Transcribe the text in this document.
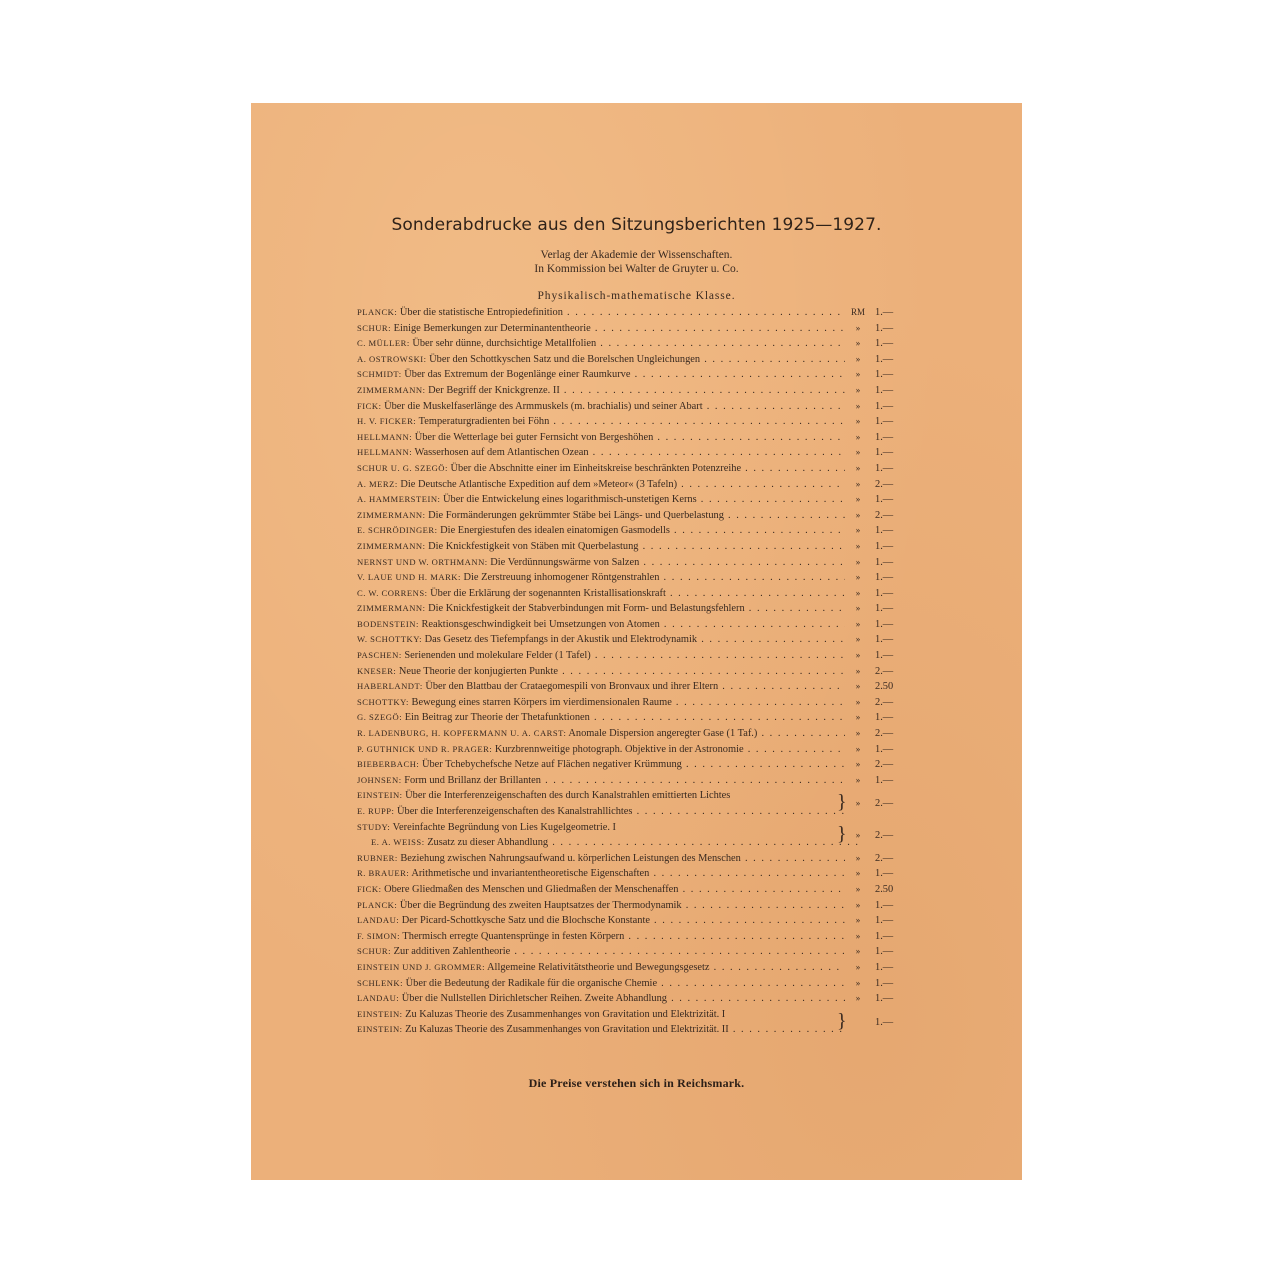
Sonderabdrucke aus den Sitzungsberichten 1925—1927.
Verlag der Akademie der Wissenschaften.
In Kommission bei Walter de Gruyter u. Co.
Physikalisch-mathematische Klasse.
PLANCK: Über die statistische Entropiedefinition . . .	RM 1.—
SCHUR: Einige Bemerkungen zur Determinantentheorie . . .	»	1.—
C. MÜLLER: Über sehr dünne, durchsichtige Metallfolien . . .	»	1.—
A. OSTROWSKI: Über den Schottkyschen Satz und die Borelschen Ungleichungen . . .	»	1.—
SCHMIDT: Über das Extremum der Bogenlänge einer Raumkurve . . .	»	1.—
ZIMMERMANN: Der Begriff der Knickgrenze. II . . .	»	1.—
FICK: Über die Muskelfaserlänge des Armmuskels (m. brachialis) und seiner Abart . . .	»	1.—
H. V. FICKER: Temperaturgradienten bei Föhn . . .	»	1.—
HELLMANN: Über die Wetterlage bei guter Fernsicht von Bergeshöhen . . .	»	1.—
HELLMANN: Wasserhosen auf dem Atlantischen Ozean . . .	»	1.—
SCHUR U. G. SZEGÖ: Über die Abschnitte einer im Einheitskreise beschränkten Potenzreihe . . .	»	1.—
A. MERZ: Die Deutsche Atlantische Expedition auf dem »Meteor« (3 Tafeln) . . .	»	2.—
A. HAMMERSTEIN: Über die Entwickelung eines logarithmisch-unstetigen Kerns . . .	»	1.—
ZIMMERMANN: Die Formänderungen gekrümmter Stäbe bei Längs- und Querbelastung . . .	»	2.—
E. SCHRÖDINGER: Die Energiestufen des idealen einatomigen Gasmodells . . .	»	1.—
ZIMMERMANN: Die Knickfestigkeit von Stäben mit Querbelastung . . .	»	1.—
NERNST UND W. ORTHMANN: Die Verdünnungswärme von Salzen . . .	»	1.—
V. LAUE UND H. MARK: Die Zerstreuung inhomogener Röntgenstrahlen . . .	»	1.—
C. W. CORRENS: Über die Erklärung der sogenannten Kristallisationskraft . . .	»	1.—
ZIMMERMANN: Die Knickfestigkeit der Stabverbindungen mit Form- und Belastungsfehlern . . .	»	1.—
BODENSTEIN: Reaktionsgeschwindigkeit bei Umsetzungen von Atomen . . .	»	1.—
W. SCHOTTKY: Das Gesetz des Tiefempfangs in der Akustik und Elektrodynamik . . .	»	1.—
PASCHEN: Serienenden und molekulare Felder (1 Tafel) . . .	»	1.—
KNESER: Neue Theorie der konjugierten Punkte . . .	»	2.—
HABERLANDT: Über den Blattbau der Crataegomespili von Bronvaux und ihrer Eltern . . .	»	2.50
SCHOTTKY: Bewegung eines starren Körpers im vierdimensionalen Raume . . .	»	2.—
G. SZEGÖ: Ein Beitrag zur Theorie der Thetafunktionen . . .	»	1.—
R. LADENBURG, H. KOPFERMANN U. A. CARST: Anomale Dispersion angeregter Gase (1 Taf.) . . .	»	2.—
P. GUTHNICK UND R. PRAGER: Kurzbrennweitige photograph. Objektive in der Astronomie . . .	»	1.—
BIEBERBACH: Über Tchebychefsche Netze auf Flächen negativer Krümmung . . .	»	2.—
JOHNSEN: Form und Brillanz der Brillanten . . .	»	1.—
EINSTEIN: Über die Interferenzeigenschaften des durch Kanalstrahlen emittierten Lichtes	}	»	2.—
E. RUPP: Über die Interferenzeigenschaften des Kanalstrahllichtes . . .
STUDY: Vereinfachte Begründung von Lies Kugelgeometrie. I	}	»	2.—
E. A. WEISS: Zusatz zu dieser Abhandlung . . .
RUBNER: Beziehung zwischen Nahrungsaufwand u. körperlichen Leistungen des Menschen . . .	»	2.—
R. BRAUER: Arithmetische und invariantentheoretische Eigenschaften . . .	»	1.—
FICK: Obere Gliedmaßen des Menschen und Gliedmaßen der Menschenaffen . . .	»	2.50
PLANCK: Über die Begründung des zweiten Hauptsatzes der Thermodynamik . . .	»	1.—
LANDAU: Der Picard-Schottkysche Satz und die Blochsche Konstante . . .	»	1.—
F. SIMON: Thermisch erregte Quantensprünge in festen Körpern . . .	»	1.—
SCHUR: Zur additiven Zahlentheorie . . .	»	1.—
EINSTEIN UND J. GROMMER: Allgemeine Relativitätstheorie und Bewegungsgesetz . . .	»	1.—
SCHLENK: Über die Bedeutung der Radikale für die organische Chemie . . .	»	1.—
LANDAU: Über die Nullstellen Dirichletscher Reihen. Zweite Abhandlung . . .	»	1.—
EINSTEIN: Zu Kaluzas Theorie des Zusammenhanges von Gravitation und Elektrizität. I	}	1.—
EINSTEIN: Zu Kaluzas Theorie des Zusammenhanges von Gravitation und Elektrizität. II . . .
Die Preise verstehen sich in Reichsmark.
